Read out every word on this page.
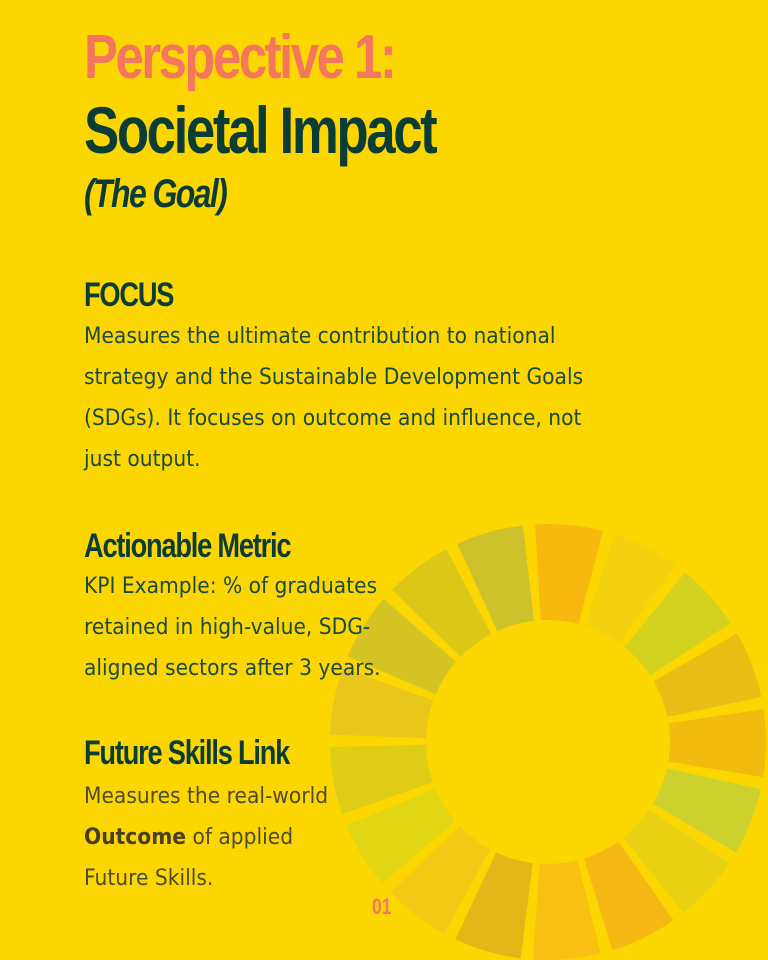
Perspective 1:
Societal Impact
(The Goal)
FOCUS
Measures the ultimate contribution to national
strategy and the Sustainable Development Goals
(SDGs). It focuses on outcome and influence, not
just output.
Actionable Metric
KPI Example: % of graduates
retained in high-value, SDG-
aligned sectors after 3 years.
Future Skills Link
Measures the real-world
Outcome of applied
Future Skills.
01
